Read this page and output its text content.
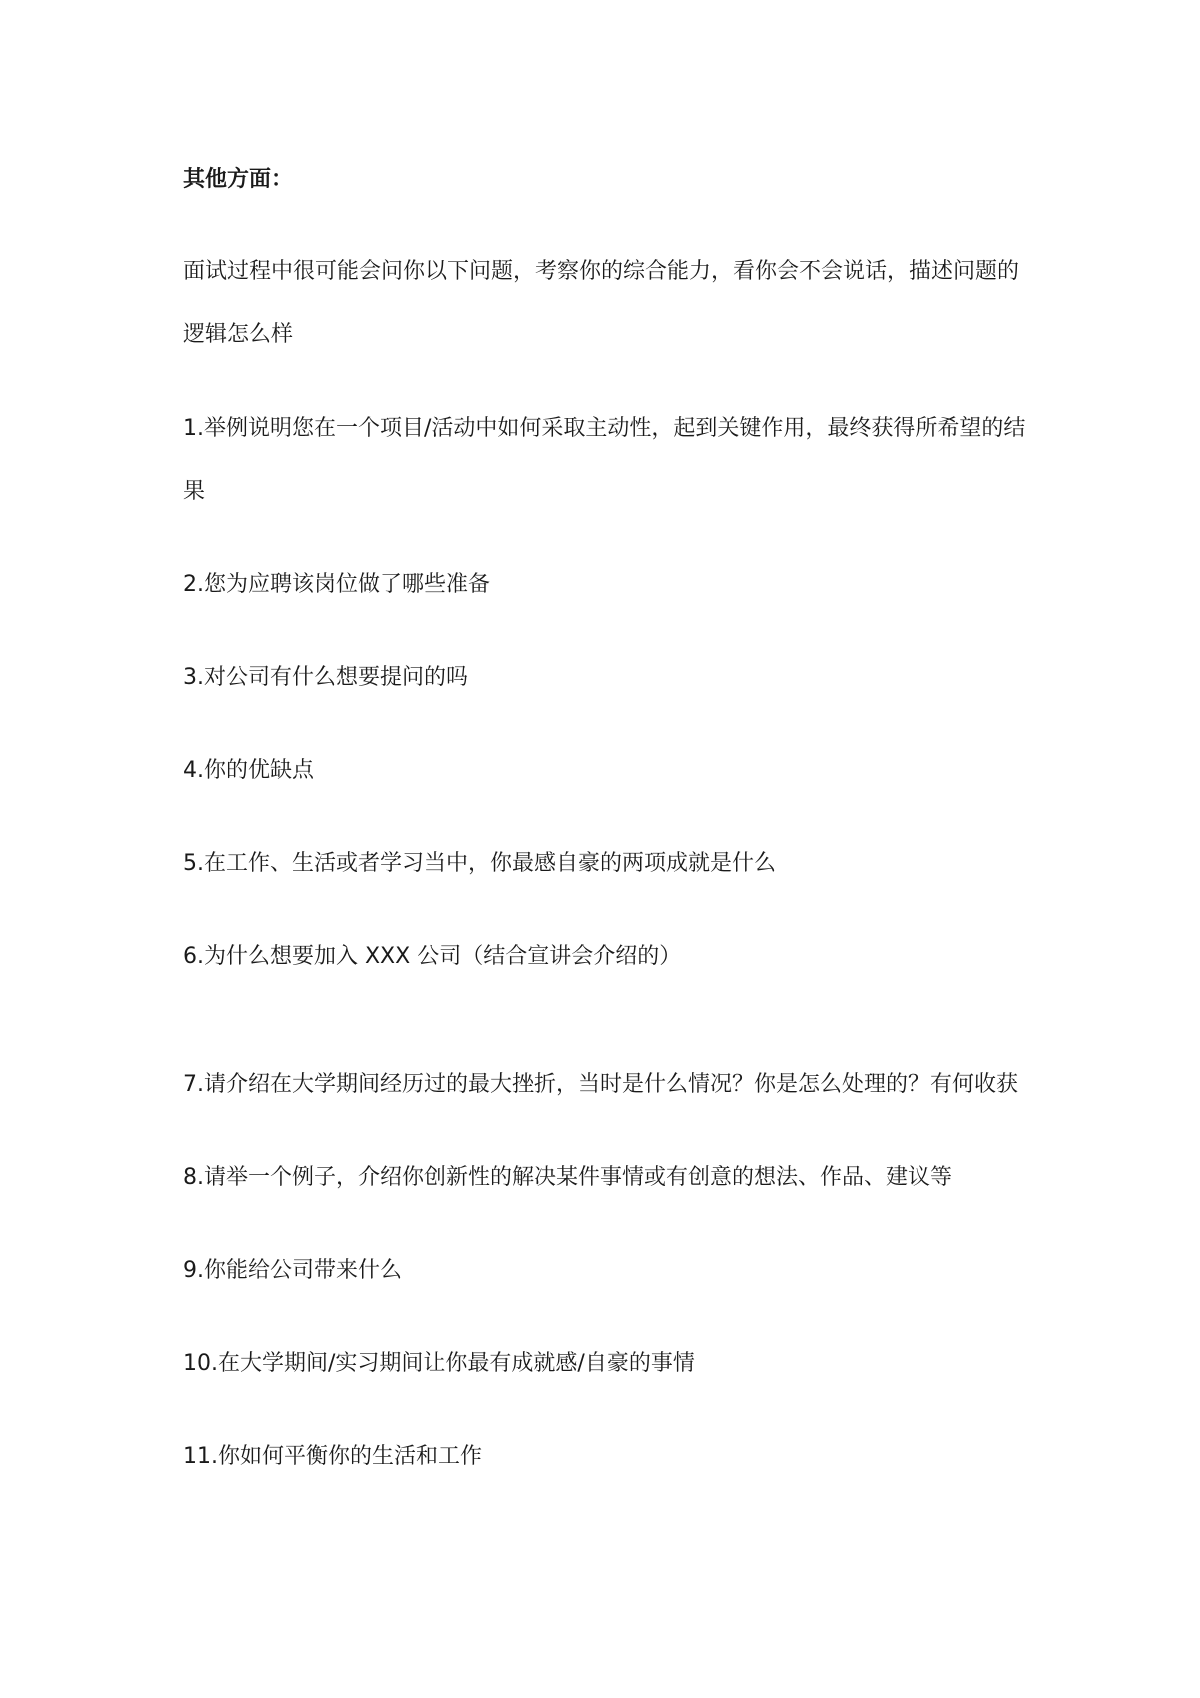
其他方面：
面试过程中很可能会问你以下问题，考察你的综合能力，看你会不会说话，描述问题的
逻辑怎么样
1.举例说明您在一个项目/活动中如何采取主动性，起到关键作用，最终获得所希望的结
果
2.您为应聘该岗位做了哪些准备
3.对公司有什么想要提问的吗
4.你的优缺点
5.在工作、生活或者学习当中，你最感自豪的两项成就是什么
6.为什么想要加入 XXX 公司（结合宣讲会介绍的）
7.请介绍在大学期间经历过的最大挫折，当时是什么情况？你是怎么处理的？有何收获
8.请举一个例子，介绍你创新性的解决某件事情或有创意的想法、作品、建议等
9.你能给公司带来什么
10.在大学期间/实习期间让你最有成就感/自豪的事情
11.你如何平衡你的生活和工作
